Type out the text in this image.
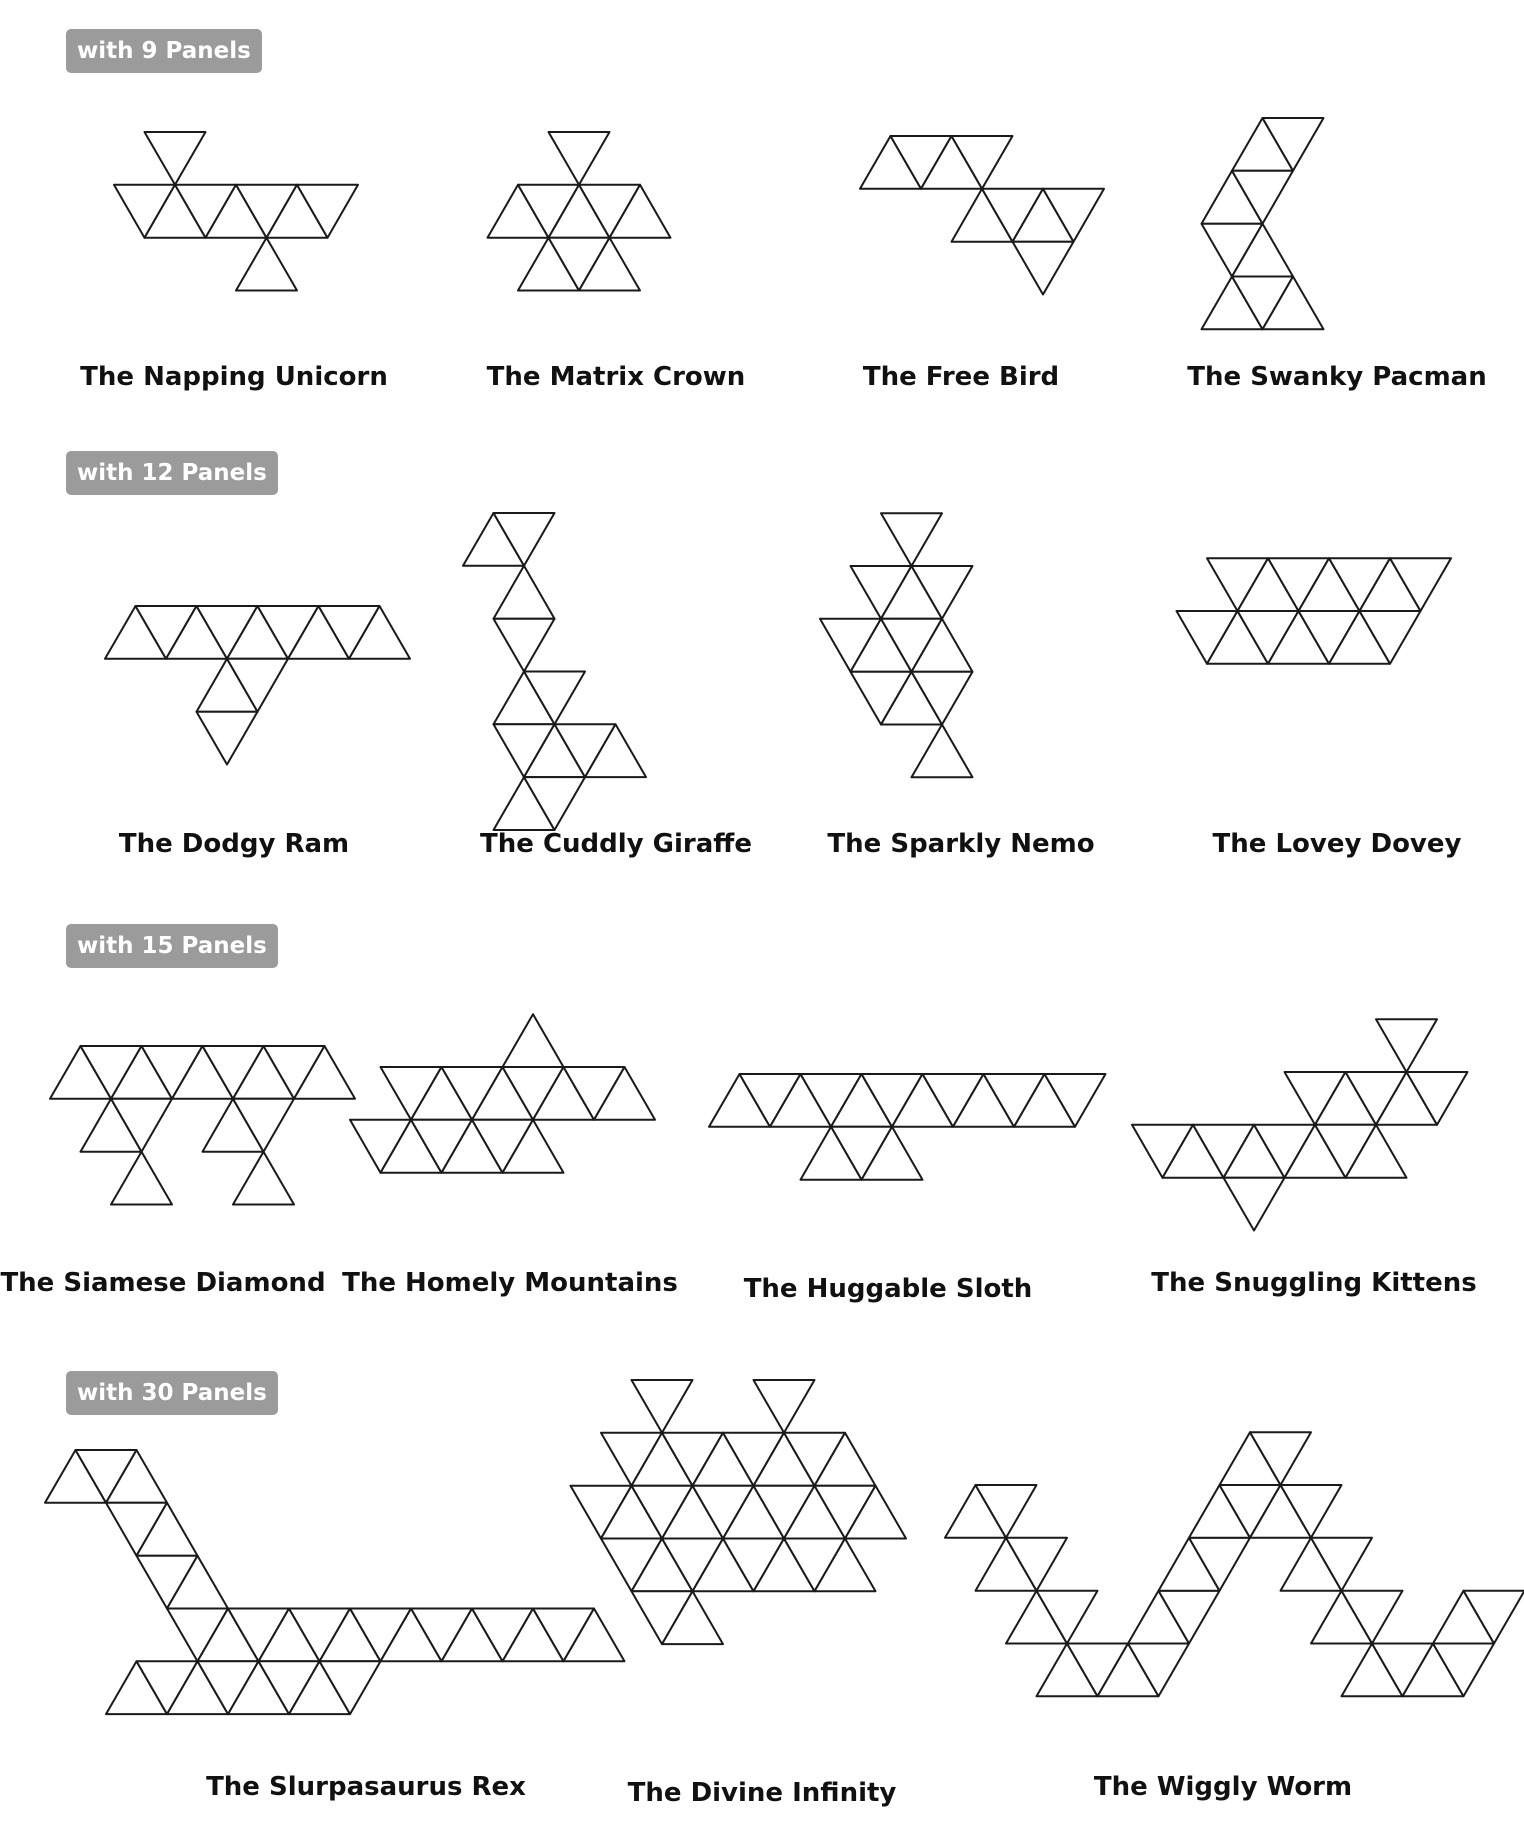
with 9 Panels
with 12 Panels
with 15 Panels
with 30 Panels
The Napping Unicorn	The Matrix Crown	The Free Bird	The Swanky Pacman
The Dodgy Ram	The Cuddly Giraffe	The Sparkly Nemo	The Lovey Dovey
The Siamese Diamond The Homely Mountains	The Huggable Sloth	The Snuggling Kittens
The Slurpasaurus Rex	The Divine Infinity	The Wiggly Worm
